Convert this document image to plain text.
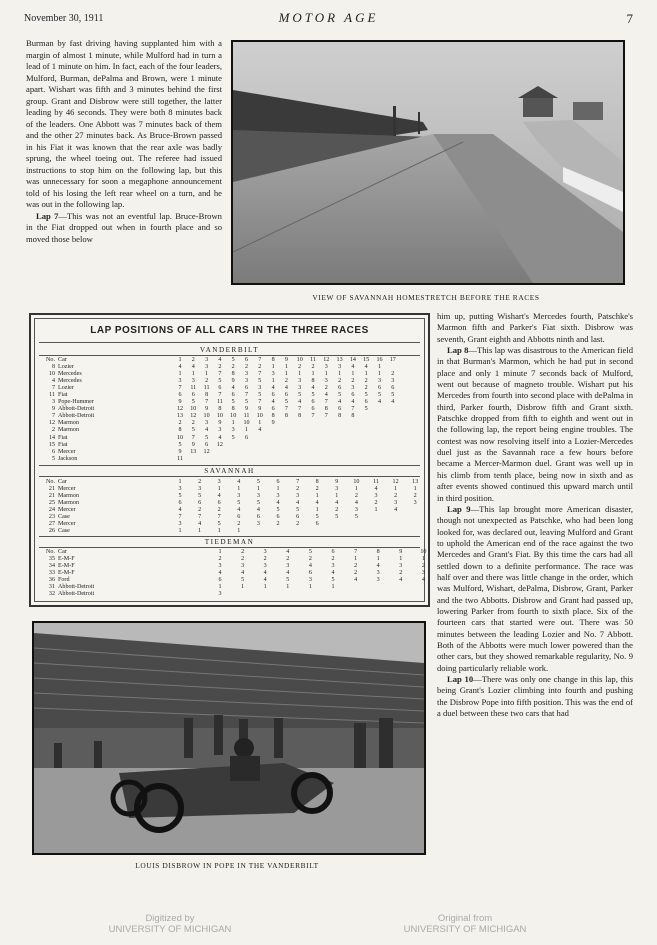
November 30, 1911	MOTOR AGE	7

Burman by fast driving having supplanted him with a margin of almost 1 minute, while Mulford had in turn a lead of 1 minute on him. In fact, each of the four leaders, Mulford, Burman, dePalma and Brown, were 1 minute apart. Wishart was fifth and 3 minutes behind the first group. Grant and Disbrow were still together, the latter leading by 46 seconds. They were both 8 minutes back of the leaders. One Abbott was 7 minutes back of them and the other 27 minutes back. As Bruce-Brown passed in his Fiat it was known that the rear axle was badly sprung, the wheel toeing out. The referee had issued instructions to stop him on the following lap, but this was unnecessary for soon a megaphone announcement told of his losing the left rear wheel on a turn, and he was out in the following lap.

Lap 7—This was not an eventful lap. Bruce-Brown in the Fiat dropped out when in fourth place and so moved those below

VIEW OF SAVANNAH HOMESTRETCH BEFORE THE RACES
LAP POSITIONS OF ALL CARS IN THE THREE RACES
VANDERBILT
No. Car	1	2	3	4	5	6	7	8	9	10	11	12	13	14	15	16	17
8 Lozier	4	4	3	2	2	2	2	1	1	2	2	3	3	4	4	1
10 Mercedes	1	1	1	7	8	3	7	3	1	1	1	1	1	1	1	1	2
4 Mercedes	3	3	2	5	9	3	5	1	2	3	8	3	2	2	2	3	3
7 Lozier	7	11	11	6	4	6	3	4	4	3	4	2	6	3	2	6	6
11 Fiat	6	6	8	7	6	7	5	6	6	5	5	4	5	6	5	5	5
3 Pope-Hummer	9	5	7	11	5	5	7	4	5	4	6	7	4	4	6	4	4
9 Abbott-Detroit	12	10	9	8	8	9	9	6	7	7	6	8	6	7	5
7 Abbott-Detroit	13	12	10	10	10	11	10	8	8	8	7	7	8	8
12 Marmon	2	2	3	9	1	10	1	9
2 Marmon	8	5	4	3	3	1	4
14 Fiat	10	7	5	4	5	6
15 Fiat	5	9	6	12
6 Mercer	9	13	12
5 Jackson	11
SAVANNAH
No. Car	1	2	3	4	5	6	7	8	9	10	11	12	13
21 Mercer	3	3	1	1	1	1	2	2	3	1	4	1	1
21 Marmon	5	5	4	3	3	3	3	1	1	2	3	2	2
25 Marmon	6	6	6	5	5	4	4	4	4	4	2	3	3
24 Mercer	4	2	2	4	4	5	5	1	2	3	1	4
23 Case	7	7	7	6	6	6	6	5	5	5
27 Mercer	3	4	5	2	3	2	2	6
26 Case	1	1	1	1
TIEDEMAN
No. Car	1	2	3	4	5	6	7	8	9	10
35 E-M-F	2	2	2	2	2	2	1	1	1	1
34 E-M-F	3	3	3	3	4	3	2	4	3	2
33 E-M-F	4	4	4	4	6	4	2	3	2	3
36 Ford	6	5	4	5	3	5	4	3	4	4
31 Abbott-Detroit	1	1	1	1	1	1
32 Abbott-Detroit	3
LOUIS DISBROW IN POPE IN THE VANDERBILT

him up, putting Wishart's Mercedes fourth, Patschke's Marmon fifth and Parker's Fiat sixth. Disbrow was seventh, Grant eighth and Abbotts ninth and last.

Lap 8—This lap was disastrous to the American field in that Burman's Marmon, which he had put in second place and only 1 minute 7 seconds back of Mulford, went out because of magneto trouble. Wishart put his Mercedes from fourth into second place with dePalma in third, Parker fourth, Disbrow fifth and Grant sixth. Patschke dropped from fifth to eighth and went out in the following lap, the report being engine troubles. The contest was now resolving itself into a Lozier-Mercedes duel just as the Savannah race a few hours before became a Mercer-Marmon duel. Grant was well up in his climb from tenth place, being now in sixth and as after events showed continued this upward march until in third position.

Lap 9—This lap brought more American disaster, though not unexpected as Patschke, who had been long looked for, was declared out, leaving Mulford and Grant to uphold the American end of the race against the two Mercedes and Grant's Fiat. By this time the cars had all settled down to a definite performance. The race was half over and there was little change in the order, which was Mulford, Wishart, dePalma, Disbrow, Grant, Parker and the two Abbotts. Disbrow and Grant had passed up, lowering Parker from fourth to sixth place. Six of the fourteen cars that started were out. There was 50 minutes between the leading Lozier and No. 7 Abbott. Both of the Abbotts were much lower powered than the other cars, but they showed remarkable regularity, No. 9 doing particularly reliable work.

Lap 10—There was only one change in this lap, this being Grant's Lozier climbing into fourth and pushing the Disbrow Pope into fifth position. This was the end of a duel between these two cars that had

Digitized by
UNIVERSITY OF MICHIGAN
Original from
UNIVERSITY OF MICHIGAN
